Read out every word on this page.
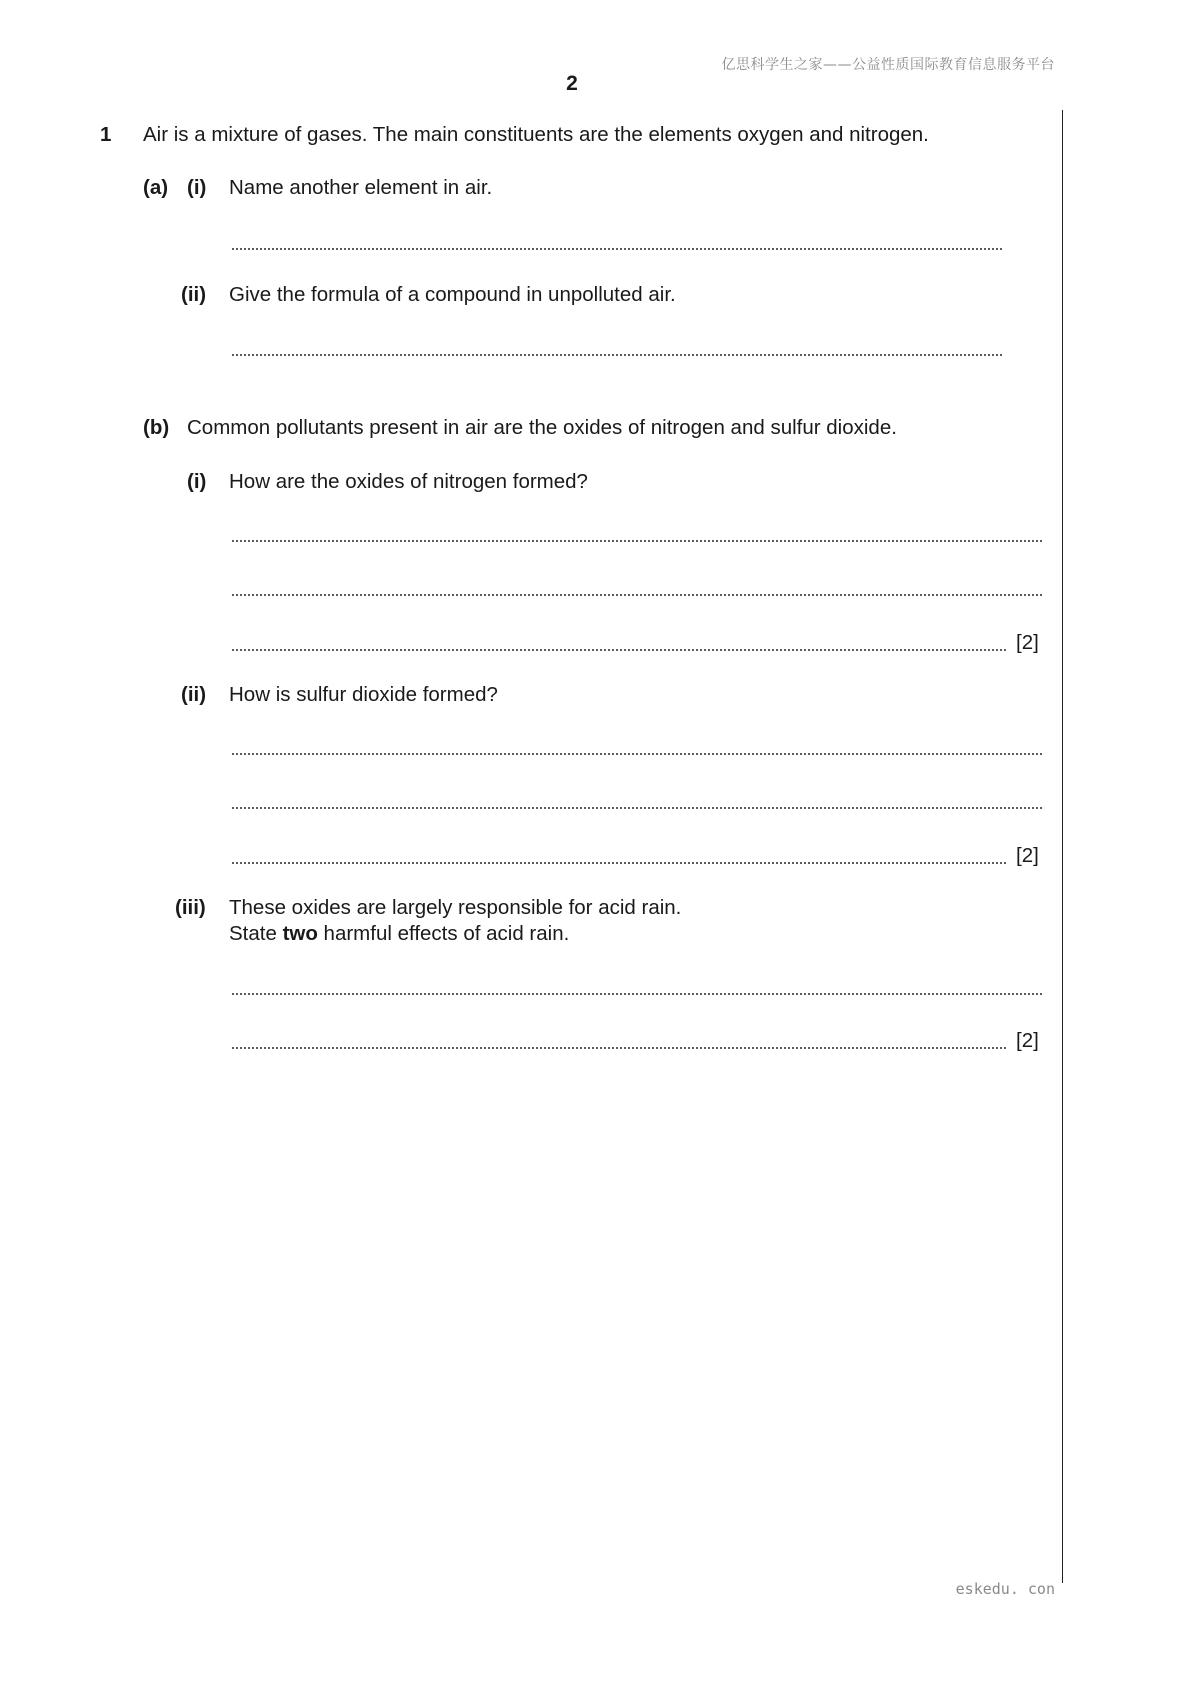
亿思科学生之家——公益性质国际教育信息服务平台
2
1 Air is a mixture of gases. The main constituents are the elements oxygen and nitrogen.
(a) (i) Name another element in air.
(ii) Give the formula of a compound in unpolluted air.
(b) Common pollutants present in air are the oxides of nitrogen and sulfur dioxide.
(i) How are the oxides of nitrogen formed?
[2]
(ii) How is sulfur dioxide formed?
[2]
(iii) These oxides are largely responsible for acid rain.
State two harmful effects of acid rain.
[2]
eskedu. con
